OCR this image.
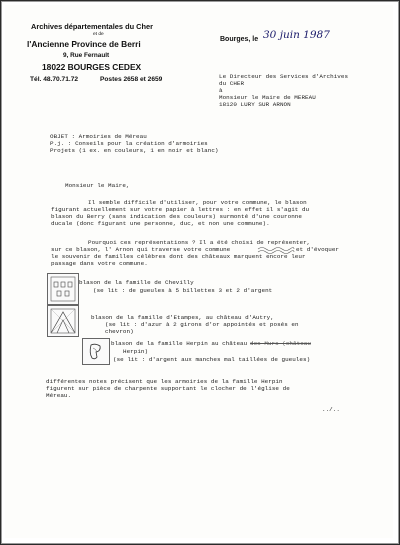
Archives départementales du Cher
et de
l'Ancienne Province de Berri
9, Rue Fernault
18022 BOURGES CEDEX
Tél. 48.70.71.72	Postes 2658 et 2659
Bourges, le 30 juin 1987
Le Directeur des Services d'Archives
du CHER
à
Monsieur le Maire de MEREAU
18120 LURY SUR ARNON
OBJET : Armoiries de Méreau
P.j. : Conseils pour la création d'armoiries
Projets (1 ex. en couleurs, 1 en noir et blanc)
Monsieur le Maire,
Il semble difficile d'utiliser, pour votre commune, le blason
figurant actuellement sur votre papier à lettres : en effet il s'agit du
blason du Berry (sans indication des couleurs) surmonté d'une couronne
ducale (donc figurant une personne, duc, et non une commune).
Pourquoi ces représentations ? Il a été choisi de représenter,
sur ce blason, l' Arnon qui traverse votre commune	et d'évoquer
le souvenir de familles célèbres dont des châteaux marquent encore leur
passage dans votre commune.
blason de la famille de Chevilly
(se lit : de gueules à 5 billettes 3 et 2 d'argent
blason de la famille d'Etampes, au château d'Autry,
(se lit : d'azur à 2 girons d'or appointés et posés en
chevron)
blason de la famille Herpin au château des Murs (château
Herpin)
(se lit : d'argent aux manches mal taillées de gueules)
différentes notes précisent que les armoiries de la famille Herpin
figurent sur pièce de charpente supportant le clocher de l'église de
Méreau.
../..
